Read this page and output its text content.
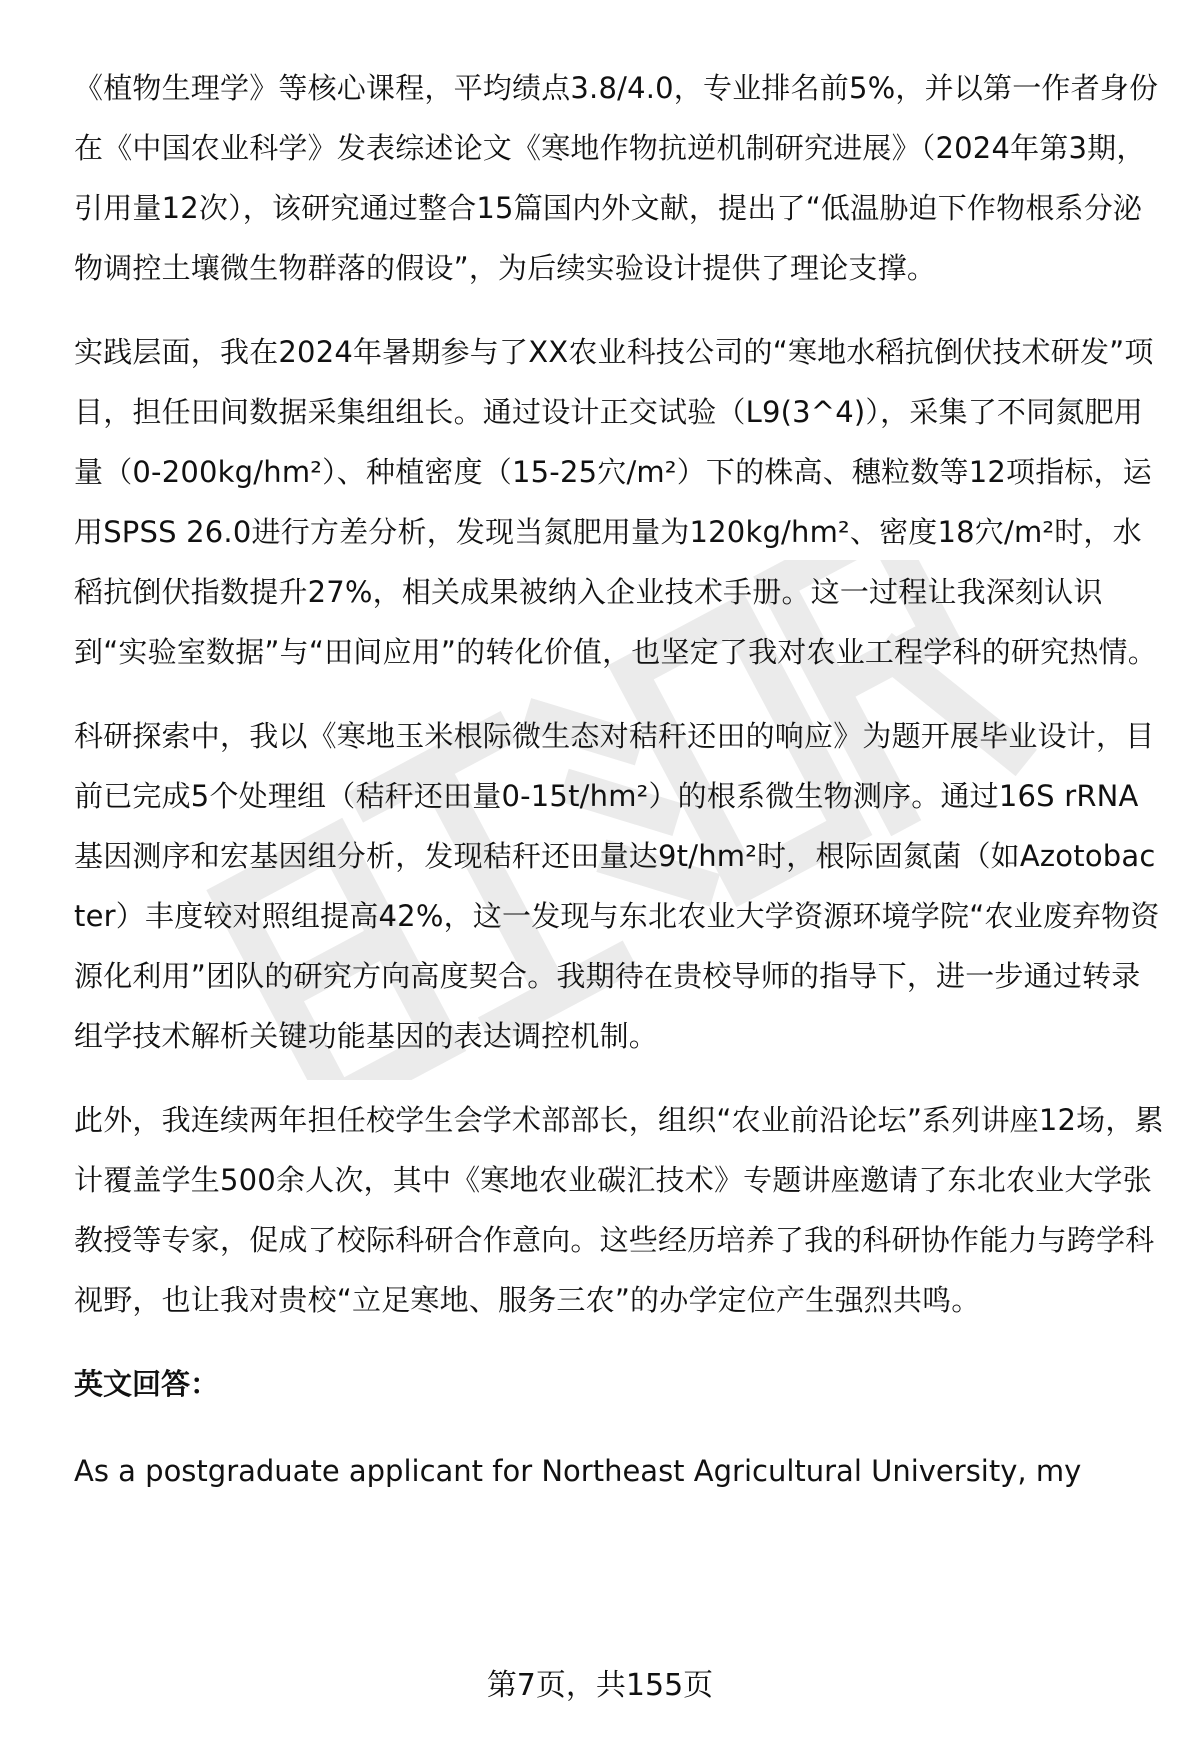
《植物生理学》等核心课程，平均绩点3.8/4.0，专业排名前5%，并以第一作者身份在《中国农业科学》发表综述论文《寒地作物抗逆机制研究进展》（2024年第3期，引用量12次），该研究通过整合15篇国内外文献，提出了“低温胁迫下作物根系分泌物调控土壤微生物群落的假设”，为后续实验设计提供了理论支撑。

实践层面，我在2024年暑期参与了XX农业科技公司的“寒地水稻抗倒伏技术研发”项目，担任田间数据采集组组长。通过设计正交试验（L9(3^4)），采集了不同氮肥用量（0-200kg/hm²）、种植密度（15-25穴/m²）下的株高、穗粒数等12项指标，运用SPSS 26.0进行方差分析，发现当氮肥用量为120kg/hm²、密度18穴/m²时，水稻抗倒伏指数提升27%，相关成果被纳入企业技术手册。这一过程让我深刻认识到“实验室数据”与“田间应用”的转化价值，也坚定了我对农业工程学科的研究热情。

科研探索中，我以《寒地玉米根际微生态对秸秆还田的响应》为题开展毕业设计，目前已完成5个处理组（秸秆还田量0-15t/hm²）的根系微生物测序。通过16S rRNA基因测序和宏基因组分析，发现秸秆还田量达9t/hm²时，根际固氮菌（如Azotobacter）丰度较对照组提高42%，这一发现与东北农业大学资源环境学院“农业废弃物资源化利用”团队的研究方向高度契合。我期待在贵校导师的指导下，进一步通过转录组学技术解析关键功能基因的表达调控机制。

此外，我连续两年担任校学生会学术部部长，组织“农业前沿论坛”系列讲座12场，累计覆盖学生500余人次，其中《寒地农业碳汇技术》专题讲座邀请了东北农业大学张教授等专家，促成了校际科研合作意向。这些经历培养了我的科研协作能力与跨学科视野，也让我对贵校“立足寒地、服务三农”的办学定位产生强烈共鸣。

英文回答：

As a postgraduate applicant for Northeast Agricultural University, my

第7页，共155页
